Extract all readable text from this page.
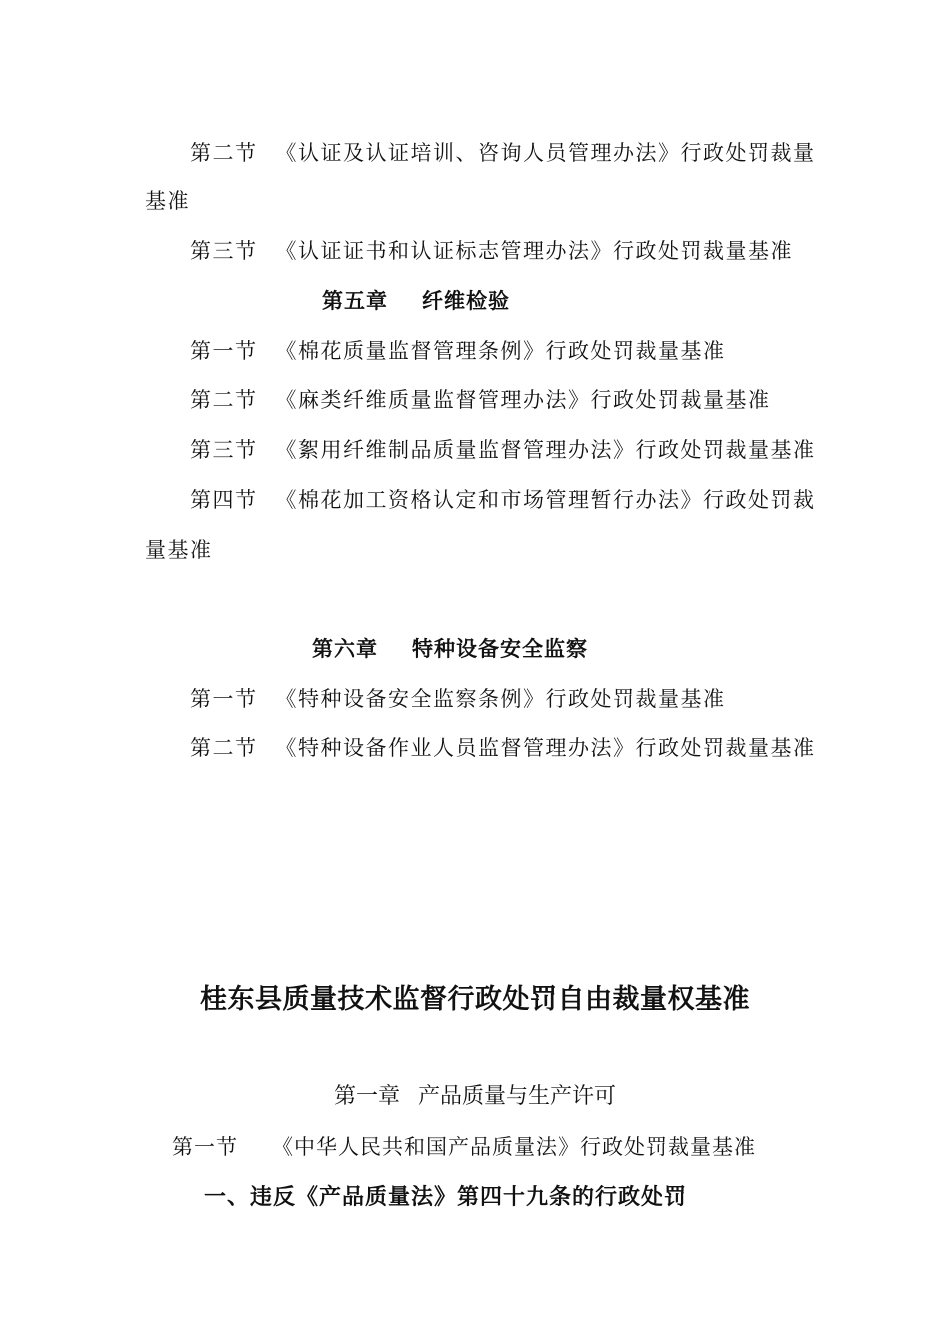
第二节 《认证及认证培训、咨询人员管理办法》行政处罚裁量
基准
第三节 《认证证书和认证标志管理办法》行政处罚裁量基准
第五章 纤维检验
第一节 《棉花质量监督管理条例》行政处罚裁量基准
第二节 《麻类纤维质量监督管理办法》行政处罚裁量基准
第三节 《絮用纤维制品质量监督管理办法》行政处罚裁量基准
第四节 《棉花加工资格认定和市场管理暂行办法》行政处罚裁
量基准
第六章 特种设备安全监察
第一节 《特种设备安全监察条例》行政处罚裁量基准
第二节 《特种设备作业人员监督管理办法》行政处罚裁量基准
桂东县质量技术监督行政处罚自由裁量权基准
第一章 产品质量与生产许可
第一节 《中华人民共和国产品质量法》行政处罚裁量基准
一、违反《产品质量法》第四十九条的行政处罚
